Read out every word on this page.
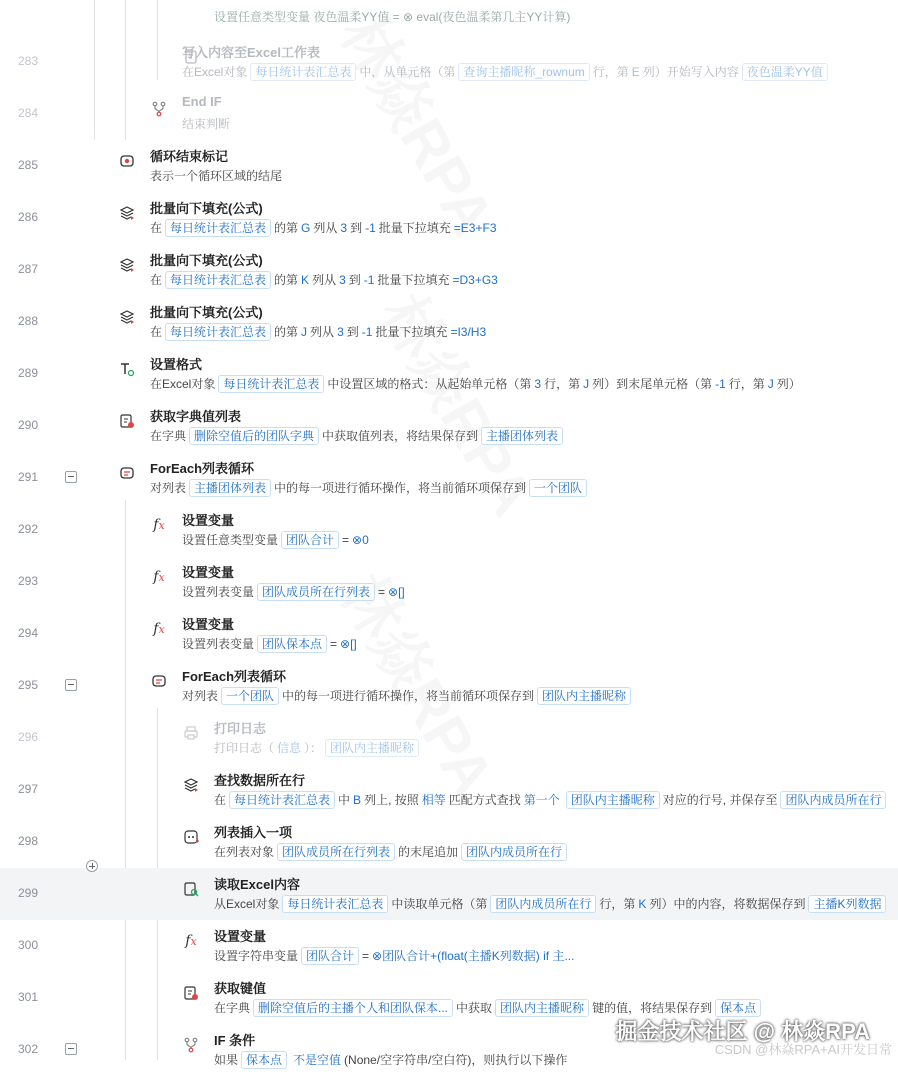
设置任意类型变量 夜色温柔YY值 = ⊗ eval(夜色温柔第几主YY计算)
283
写入内容至Excel工作表
在Excel对象 每日统计表汇总表 中，从单元格（第 查询主播昵称_rownum 行，第 E 列）开始写入内容 夜色温柔YY值
284
End IF
结束判断
285
循环结束标记
表示一个循环区域的结尾
286
批量向下填充(公式)
在 每日统计表汇总表 的第 G 列从 3 到 -1 批量下拉填充 =E3+F3
287
批量向下填充(公式)
在 每日统计表汇总表 的第 K 列从 3 到 -1 批量下拉填充 =D3+G3
288
批量向下填充(公式)
在 每日统计表汇总表 的第 J 列从 3 到 -1 批量下拉填充 =I3/H3
289
设置格式
在Excel对象 每日统计表汇总表 中设置区域的格式：从起始单元格（第 3 行，第 J 列）到末尾单元格（第 -1 行，第 J 列）
290
获取字典值列表
在字典 删除空值后的团队字典 中获取值列表，将结果保存到 主播团体列表
291
ForEach列表循环
对列表 主播团体列表 中的每一项进行循环操作，将当前循环项保存到 一个团队
292	fx 设置变量
设置任意类型变量 团队合计 = ⊗0
293	fx 设置变量
设置列表变量 团队成员所在行列表 = ⊗[]
294	fx 设置变量
设置列表变量 团队保本点 = ⊗[]
295
ForEach列表循环
对列表 一个团队 中的每一项进行循环操作，将当前循环项保存到 团队内主播昵称
296
打印日志
打印日志（ 信息 ）： 团队内主播昵称
297
查找数据所在行
在 每日统计表汇总表 中 B 列上, 按照 相等 匹配方式查找 第一个 团队内主播昵称 对应的行号, 并保存至 团队内成员所在行
298
列表插入一项
在列表对象 团队成员所在行列表 的末尾追加 团队内成员所在行
299
读取Excel内容
从Excel对象 每日统计表汇总表 中读取单元格（第 团队内成员所在行 行，第 K 列）中的内容，将数据保存到 主播K列数据
300	fx 设置变量
设置字符串变量 团队合计 = ⊗团队合计+(float(主播K列数据) if 主...
301
获取键值
在字典 删除空值后的主播个人和团队保本... 中获取 团队内主播昵称 键的值，将结果保存到 保本点
302
IF 条件
如果 保本点 不是空值 (None/空字符串/空白符)，则执行以下操作
掘金技术社区 @ 林焱RPA
CSDN @林焱RPA+AI开发日常
